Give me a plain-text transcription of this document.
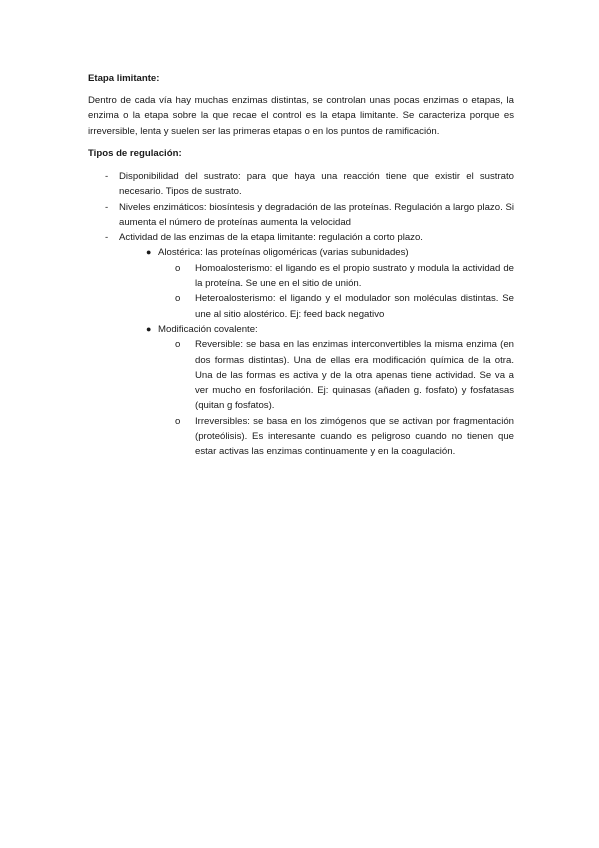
Etapa limitante:

Dentro de cada vía hay muchas enzimas distintas, se controlan unas pocas enzimas o etapas, la enzima o la etapa sobre la que recae el control es la etapa limitante. Se caracteriza porque es irreversible, lenta y suelen ser las primeras etapas o en los puntos de ramificación.

Tipos de regulación:

- Disponibilidad del sustrato: para que haya una reacción tiene que existir el sustrato necesario. Tipos de sustrato.
- Niveles enzimáticos: biosíntesis y degradación de las proteínas. Regulación a largo plazo. Si aumenta el número de proteínas aumenta la velocidad
- Actividad de las enzimas de la etapa limitante: regulación a corto plazo.
● Alostérica: las proteínas oligoméricas (varias subunidades)
o Homoalosterismo: el ligando es el propio sustrato y modula la actividad de la proteína. Se une en el sitio de unión.
o Heteroalosterismo: el ligando y el modulador son moléculas distintas. Se une al sitio alostérico. Ej: feed back negativo
● Modificación covalente:
o Reversible: se basa en las enzimas interconvertibles la misma enzima (en dos formas distintas). Una de ellas era modificación química de la otra. Una de las formas es activa y de la otra apenas tiene actividad. Se va a ver mucho en fosforilación. Ej: quinasas (añaden g. fosfato) y fosfatasas (quitan g fosfatos).
o Irreversibles: se basa en los zimógenos que se activan por fragmentación (proteólisis). Es interesante cuando es peligroso cuando no tienen que estar activas las enzimas continuamente y en la coagulación.
